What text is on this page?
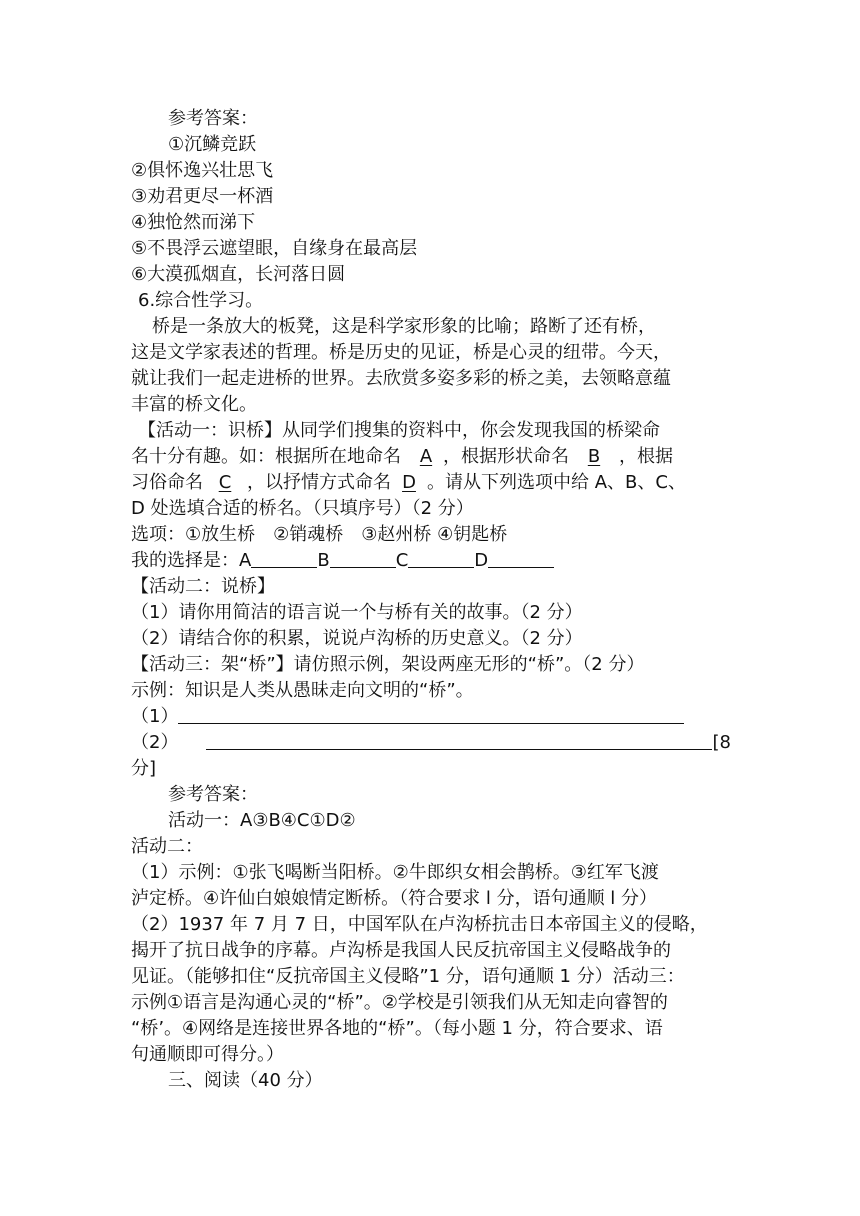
参考答案：
①沉鳞竞跃
②俱怀逸兴壮思飞
③劝君更尽一杯酒
④独怆然而涕下
⑤不畏浮云遮望眼，自缘身在最高层
⑥大漠孤烟直，长河落日圆
6.综合性学习。
桥是一条放大的板凳，这是科学家形象的比喻；路断了还有桥，
这是文学家表述的哲理。桥是历史的见证，桥是心灵的纽带。今天，
就让我们一起走进桥的世界。去欣赏多姿多彩的桥之美，去领略意蕴
丰富的桥文化。
【活动一：识桥】从同学们搜集的资料中，你会发现我国的桥梁命
名十分有趣。如：根据所在地命名 A ，根据形状命名 B ，根据
习俗命名 C ，以抒情方式命名 D 。请从下列选项中给 A、B、C、
D 处选填合适的桥名。（只填序号）（2 分）
选项：①放生桥　②销魂桥　③赵州桥 ④钥匙桥
我的选择是：A	B	C	D
【活动二：说桥】
（1）请你用简洁的语言说一个与桥有关的故事。（2 分）
（2）请结合你的积累，说说卢沟桥的历史意义。（2 分）
【活动三：架“桥”】请仿照示例，架设两座无形的“桥”。（2 分）
示例：知识是人类从愚昧走向文明的“桥”。
（1）
（2）	[8
分]
参考答案：
活动一：A③B④C①D②
活动二：
（1）示例：①张飞喝断当阳桥。②牛郎织女相会鹊桥。③红军飞渡
泸定桥。④许仙白娘娘情定断桥。（符合要求 l 分，语句通顺 l 分）
（2）1937 年 7 月 7 日，中国军队在卢沟桥抗击日本帝国主义的侵略，
揭开了抗日战争的序幕。卢沟桥是我国人民反抗帝国主义侵略战争的
见证。（能够扣住“反抗帝国主义侵略”1 分，语句通顺 1 分）活动三：
示例①语言是沟通心灵的“桥”。②学校是引领我们从无知走向睿智的
“桥’。④网络是连接世界各地的“桥”。（每小题 1 分，符合要求、语
句通顺即可得分。）
三、阅读（40 分）
